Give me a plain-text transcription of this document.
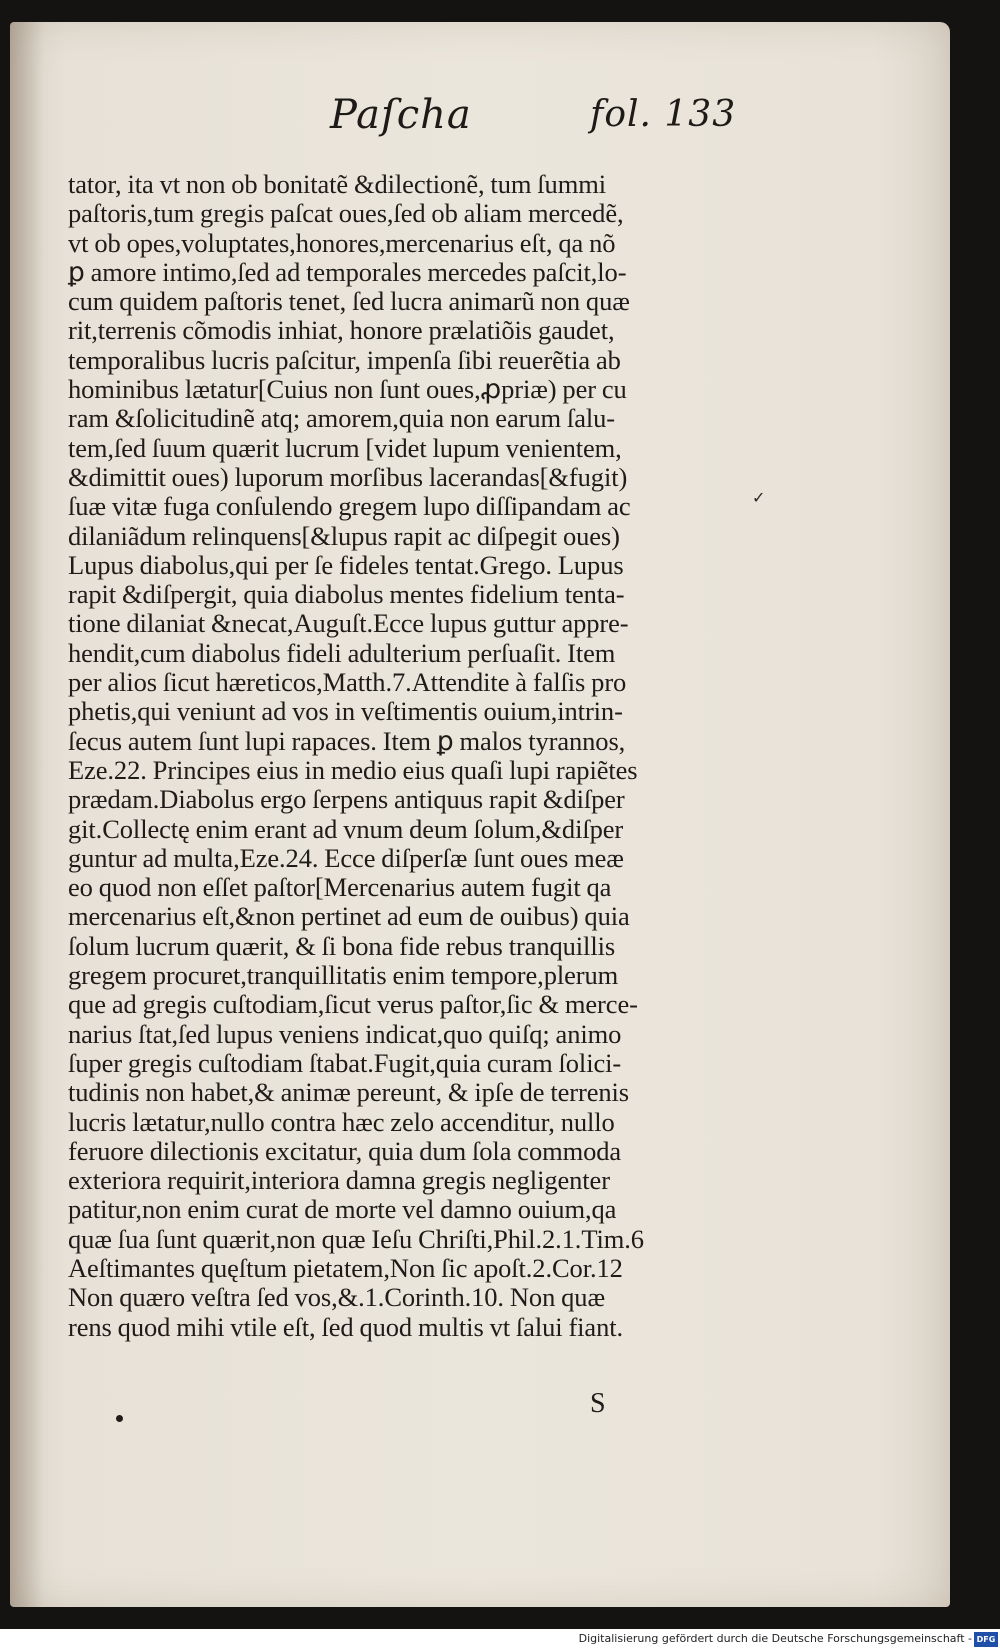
Paſcha	fol. 133
tator, ita vt non ob bonitatẽ &dilectionẽ, tum ſummi
paſtoris,tum gregis paſcat oues,ſed ob aliam mercedẽ,
vt ob opes,voluptates,honores,mercenarius eſt, qa nõ
ꝑ amore intimo,ſed ad temporales mercedes paſcit,lo-
cum quidem paſtoris tenet, ſed lucra animarũ non quæ
rit,terrenis cõmodis inhiat, honore prælatiõis gaudet,
temporalibus lucris paſcitur, impenſa ſibi reuerẽtia ab
hominibus lætatur[Cuius non ſunt oues,ꝓpriæ) per cu
ram &ſolicitudinẽ atq; amorem,quia non earum ſalu-
tem,ſed ſuum quærit lucrum [videt lupum venientem,
&dimittit oues) luporum morſibus lacerandas[&fugit)
ſuæ vitæ fuga conſulendo gregem lupo diſſipandam ac
dilaniãdum relinquens[&lupus rapit ac diſpegit oues)
Lupus diabolus,qui per ſe fideles tentat.Grego. Lupus
rapit &diſpergit, quia diabolus mentes fidelium tenta-
tione dilaniat &necat,Auguſt.Ecce lupus guttur appre-
hendit,cum diabolus fideli adulterium perſuaſit. Item
per alios ſicut hæreticos,Matth.7.Attendite à falſis pro
phetis,qui veniunt ad vos in veſtimentis ouium,intrin-
ſecus autem ſunt lupi rapaces. Item ꝑ malos tyrannos,
Eze.22. Principes eius in medio eius quaſi lupi rapiẽtes
prædam.Diabolus ergo ſerpens antiquus rapit &diſper
git.Collectę enim erant ad vnum deum ſolum,&diſper
guntur ad multa,Eze.24. Ecce diſperſæ ſunt oues meæ
eo quod non eſſet paſtor[Mercenarius autem fugit qa
mercenarius eſt,&non pertinet ad eum de ouibus) quia
ſolum lucrum quærit, & ſi bona fide rebus tranquillis
gregem procuret,tranquillitatis enim tempore,plerum
que ad gregis cuſtodiam,ſicut verus paſtor,ſic & merce-
narius ſtat,ſed lupus veniens indicat,quo quiſq; animo
ſuper gregis cuſtodiam ſtabat.Fugit,quia curam ſolici-
tudinis non habet,& animæ pereunt, & ipſe de terrenis
lucris lætatur,nullo contra hæc zelo accenditur, nullo
feruore dilectionis excitatur, quia dum ſola commoda
exteriora requirit,interiora damna gregis negligenter
patitur,non enim curat de morte vel damno ouium,qa
quæ ſua ſunt quærit,non quæ Ieſu Chriſti,Phil.2.1.Tim.6
Aeſtimantes quęſtum pietatem,Non ſic apoſt.2.Cor.12
Non quæro veſtra ſed vos,&.1.Corinth.10. Non quæ
rens quod mihi vtile eſt, ſed quod multis vt ſalui fiant.
✓
S
Digitalisierung gefördert durch die Deutsche Forschungsgemeinschaft - DFG
